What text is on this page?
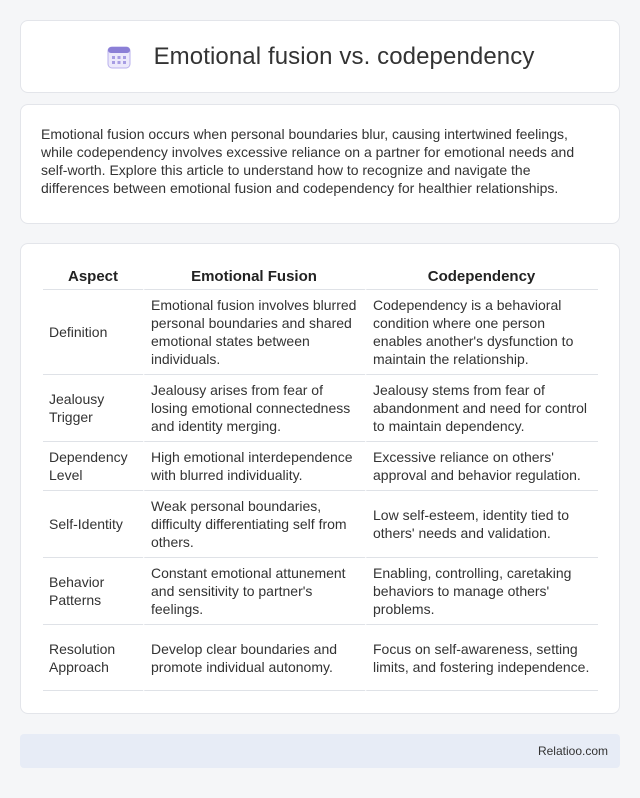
Emotional fusion vs. codependency

Emotional fusion occurs when personal boundaries blur, causing intertwined feelings, while codependency involves excessive reliance on a partner for emotional needs and self-worth. Explore this article to understand how to recognize and navigate the differences between emotional fusion and codependency for healthier relationships.

Aspect	Emotional Fusion	Codependency
Definition	Emotional fusion involves blurred personal boundaries and shared emotional states between individuals.	Codependency is a behavioral condition where one person enables another's dysfunction to maintain the relationship.
Jealousy Trigger	Jealousy arises from fear of losing emotional connectedness and identity merging.	Jealousy stems from fear of abandonment and need for control to maintain dependency.
Dependency Level	High emotional interdependence with blurred individuality.	Excessive reliance on others' approval and behavior regulation.
Self-Identity	Weak personal boundaries, difficulty differentiating self from others.	Low self-esteem, identity tied to others' needs and validation.
Behavior Patterns	Constant emotional attunement and sensitivity to partner's feelings.	Enabling, controlling, caretaking behaviors to manage others' problems.
Resolution Approach	Develop clear boundaries and promote individual autonomy.	Focus on self-awareness, setting limits, and fostering independence.
Relatioo.com
